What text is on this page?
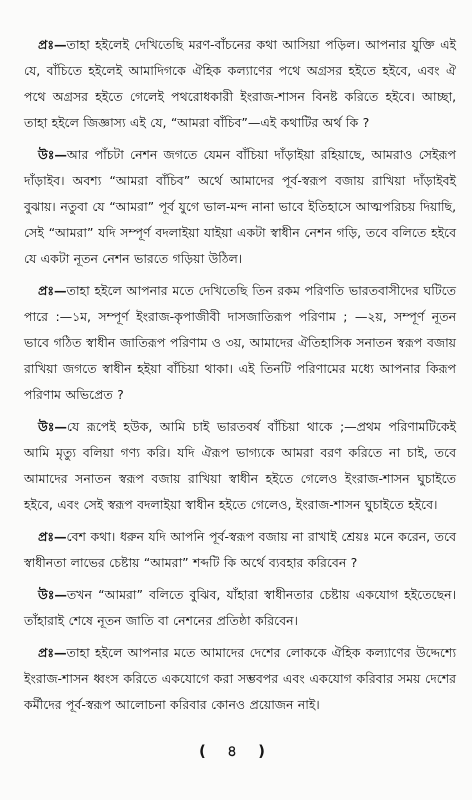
প্রঃ—তাহা হইলেই দেখিতেছি মরণ-বাঁচনের কথা আসিয়া পড়িল। আপনার যুক্তি এই যে, বাঁচিতে হইলেই আমাদিগকে ঐহিক কল্যাণের পথে অগ্রসর হইতে হইবে, এবং ঐ পথে অগ্রসর হইতে গেলেই পথরোধকারী ইংরাজ-শাসন বিনষ্ট করিতে হইবে। আচ্ছা, তাহা হইলে জিজ্ঞাস্য এই যে, “আমরা বাঁচিব”—এই কথাটির অর্থ কি ?

উঃ—আর পাঁচটা নেশন জগতে যেমন বাঁচিয়া দাঁড়াইয়া রহিয়াছে, আমরাও সেইরূপ দাঁড়াইব। অবশ্য “আমরা বাঁচিব” অর্থে আমাদের পূর্ব-স্বরূপ বজায় রাখিয়া দাঁড়াইবই বুঝায়। নতুবা যে “আমরা” পূর্ব যুগে ভাল-মন্দ নানা ভাবে ইতিহাসে আত্মপরিচয় দিয়াছি, সেই “আমরা” যদি সম্পূর্ণ বদলাইয়া যাইয়া একটা স্বাধীন নেশন গড়ি, তবে বলিতে হইবে যে একটা নূতন নেশন ভারতে গড়িয়া উঠিল।

প্রঃ—তাহা হইলে আপনার মতে দেখিতেছি তিন রকম পরিণতি ভারতবাসীদের ঘটিতে পারে :—১ম, সম্পূর্ণ ইংরাজ-কৃপাজীবী দাসজাতিরূপ পরিণাম ; —২য়, সম্পূর্ণ নূতন ভাবে গঠিত স্বাধীন জাতিরূপ পরিণাম ও ৩য়, আমাদের ঐতিহাসিক সনাতন স্বরূপ বজায় রাখিয়া জগতে স্বাধীন হইয়া বাঁচিয়া থাকা। এই তিনটি পরিণামের মধ্যে আপনার কিরূপ পরিণাম অভিপ্রেত ?

উঃ—যে রূপেই হউক, আমি চাই ভারতবর্ষ বাঁচিয়া থাকে ;—প্রথম পরিণামটিকেই আমি মৃত্যু বলিয়া গণ্য করি। যদি ঐরূপ ভাগ্যকে আমরা বরণ করিতে না চাই, তবে আমাদের সনাতন স্বরূপ বজায় রাখিয়া স্বাধীন হইতে গেলেও ইংরাজ-শাসন ঘুচাইতে হইবে, এবং সেই স্বরূপ বদলাইয়া স্বাধীন হইতে গেলেও, ইংরাজ-শাসন ঘুচাইতে হইবে।

প্রঃ—বেশ কথা। ধরুন যদি আপনি পূর্ব-স্বরূপ বজায় না রাখাই শ্রেয়ঃ মনে করেন, তবে স্বাধীনতা লাভের চেষ্টায় “আমরা” শব্দটি কি অর্থে ব্যবহার করিবেন ?

উঃ—তখন “আমরা” বলিতে বুঝিব, যাঁহারা স্বাধীনতার চেষ্টায় একযোগ হইতেছেন। তাঁহারাই শেষে নূতন জাতি বা নেশনের প্রতিষ্ঠা করিবেন।

প্রঃ—তাহা হইলে আপনার মতে আমাদের দেশের লোককে ঐহিক কল্যাণের উদ্দেশ্যে ইংরাজ-শাসন ধ্বংস করিতে একযোগে করা সম্ভবপর এবং একযোগ করিবার সময় দেশের কর্মীদের পূর্ব-স্বরূপ আলোচনা করিবার কোনও প্রয়োজন নাই।

( ৪ )
